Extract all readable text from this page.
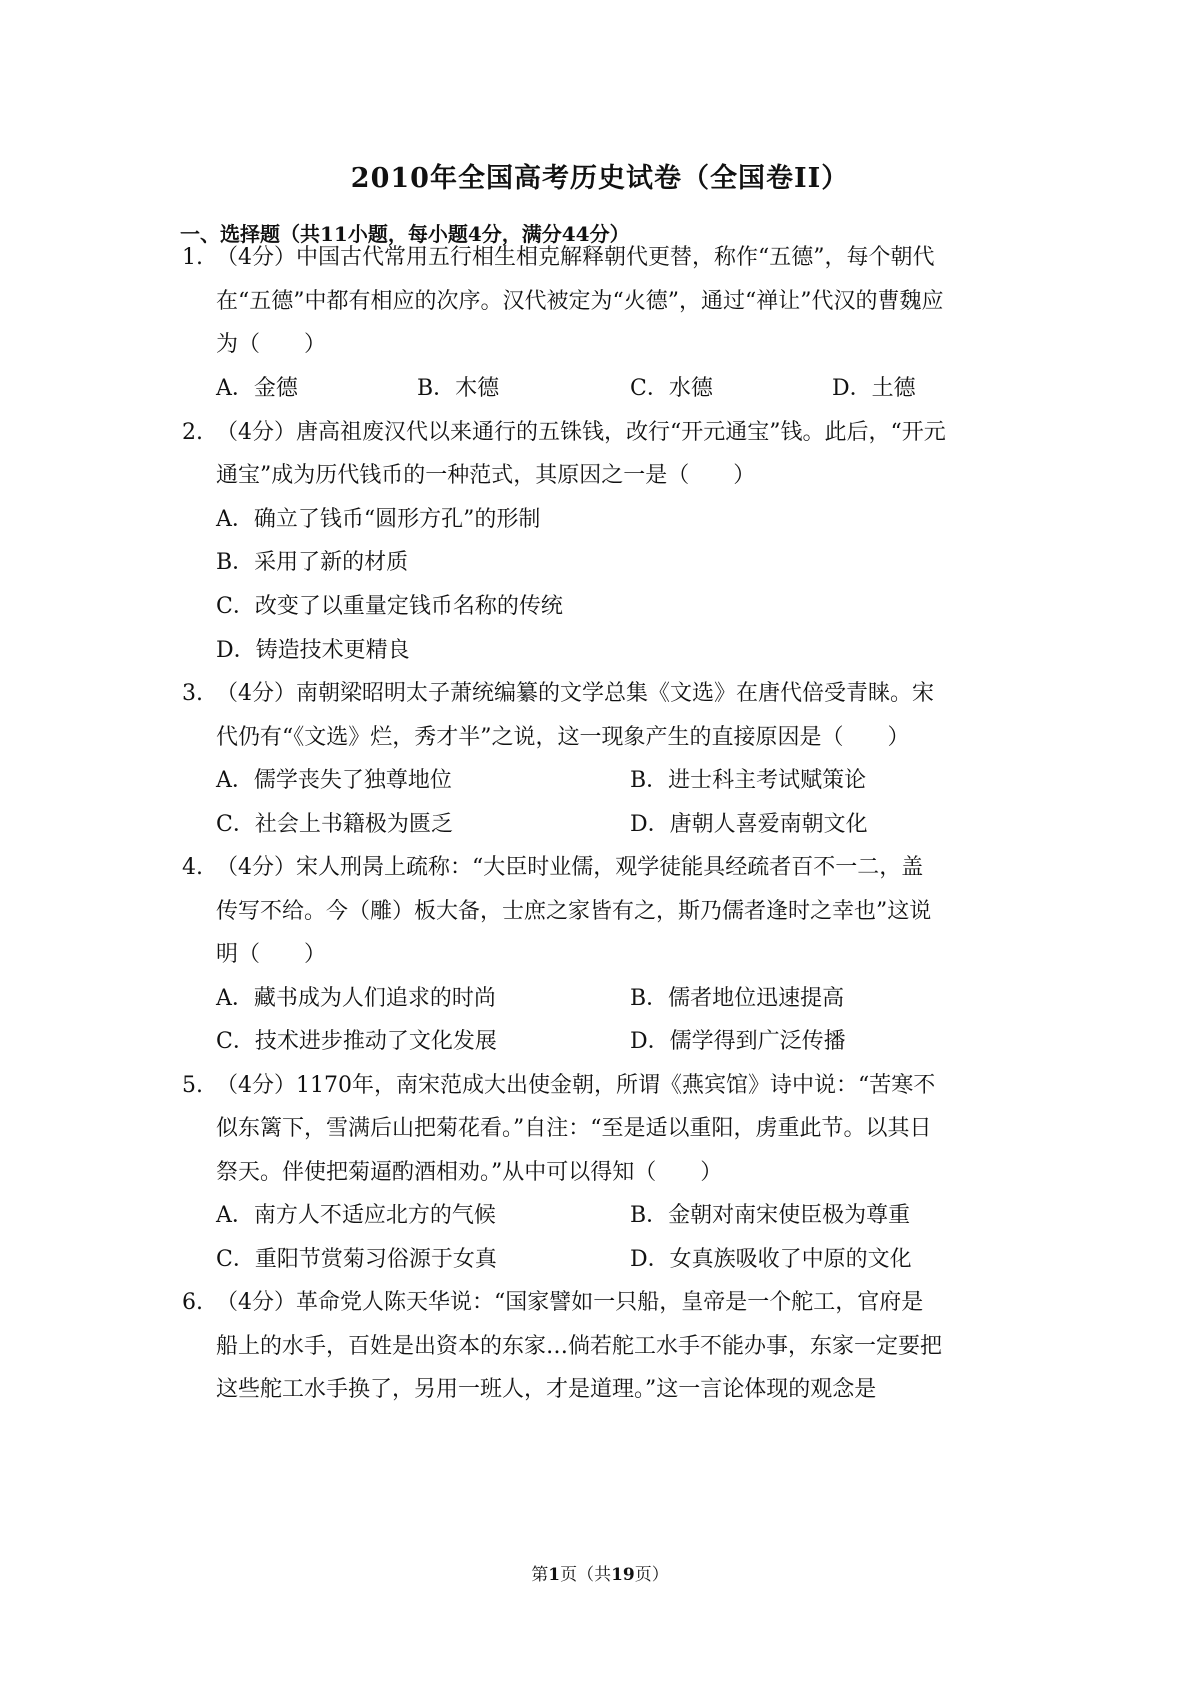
2010年全国高考历史试卷（全国卷II）
一、选择题（共11小题，每小题4分，满分44分）
1. （4分）中国古代常用五行相生相克解释朝代更替，称作“五德”，每个朝代
在“五德”中都有相应的次序。汉代被定为“火德”，通过“禅让”代汉的曹魏应
为（　　）
A．金德	B．木德	C．水德	D．土德
2. （4分）唐高祖废汉代以来通行的五铢钱，改行“开元通宝”钱。此后，“开元
通宝”成为历代钱币的一种范式，其原因之一是（　　）
A．确立了钱币“圆形方孔”的形制
B．采用了新的材质
C．改变了以重量定钱币名称的传统
D．铸造技术更精良
3. （4分）南朝梁昭明太子萧统编纂的文学总集《文选》在唐代倍受青睐。宋
代仍有“《文选》烂，秀才半”之说，这一现象产生的直接原因是（　　）
A．儒学丧失了独尊地位	B．进士科主考试赋策论
C．社会上书籍极为匮乏	D．唐朝人喜爱南朝文化
4. （4分）宋人刑昺上疏称：“大臣时业儒，观学徒能具经疏者百不一二，盖
传写不给。今（雕）板大备，士庶之家皆有之，斯乃儒者逢时之幸也”这说
明（　　）
A．藏书成为人们追求的时尚	B．儒者地位迅速提高
C．技术进步推动了文化发展	D．儒学得到广泛传播
5. （4分）1170年，南宋范成大出使金朝，所谓《燕宾馆》诗中说：“苦寒不
似东篱下，雪满后山把菊花看。”自注：“至是适以重阳，虏重此节。以其日
祭天。伴使把菊逼酌酒相劝。”从中可以得知（　　）
A．南方人不适应北方的气候	B．金朝对南宋使臣极为尊重
C．重阳节赏菊习俗源于女真	D．女真族吸收了中原的文化
6. （4分）革命党人陈天华说：“国家譬如一只船，皇帝是一个舵工，官府是
船上的水手，百姓是出资本的东家…倘若舵工水手不能办事，东家一定要把
这些舵工水手换了，另用一班人，才是道理。”这一言论体现的观念是
第1页（共19页）
